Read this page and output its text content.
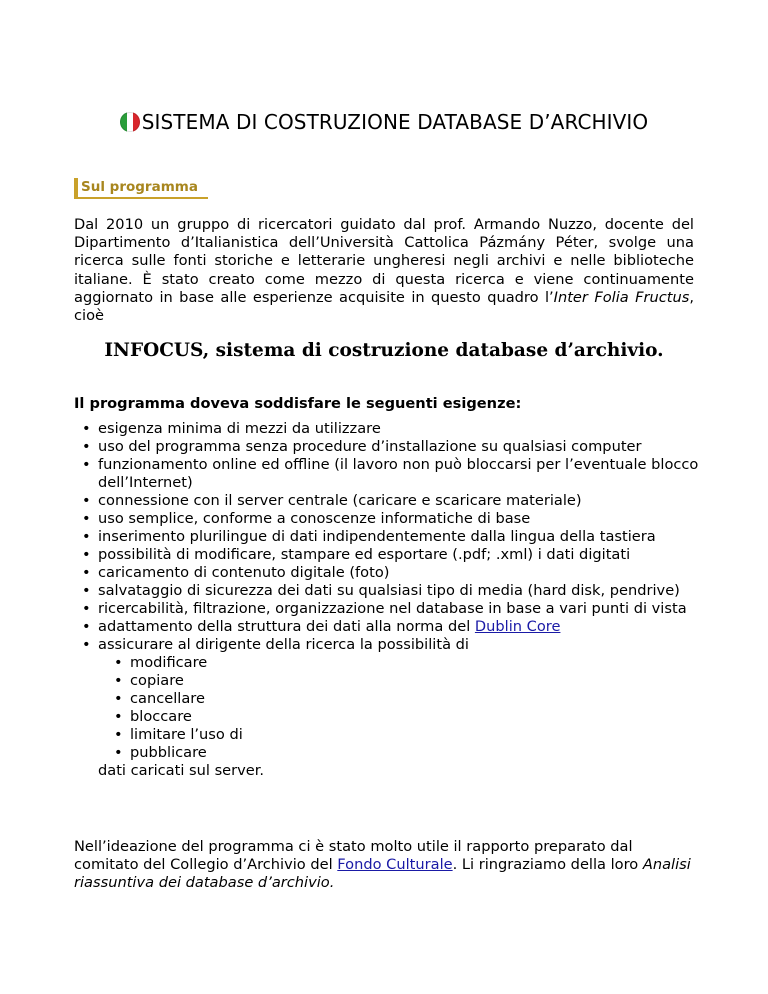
SISTEMA DI COSTRUZIONE DATABASE D’ARCHIVIO
Sul programma

Dal 2010 un gruppo di ricercatori guidato dal prof. Armando Nuzzo, docente del Dipartimento d’Italianistica dell’Università Cattolica Pázmány Péter, svolge una ricerca sulle fonti storiche e letterarie ungheresi negli archivi e nelle biblioteche italiane. È stato creato come mezzo di questa ricerca e viene continuamente aggiornato in base alle esperienze acquisite in questo quadro l’Inter Folia Fructus, cioè

INFOCUS, sistema di costruzione database d’archivio.
Il programma doveva soddisfare le seguenti esigenze:
• esigenza minima di mezzi da utilizzare
• uso del programma senza procedure d’installazione su qualsiasi computer
• funzionamento online ed offline (il lavoro non può bloccarsi per l’eventuale blocco dell’Internet)
• connessione con il server centrale (caricare e scaricare materiale)
• uso semplice, conforme a conoscenze informatiche di base
• inserimento plurilingue di dati indipendentemente dalla lingua della tastiera
• possibilità di modificare, stampare ed esportare (.pdf; .xml) i dati digitati
• caricamento di contenuto digitale (foto)
• salvataggio di sicurezza dei dati su qualsiasi tipo di media (hard disk, pendrive)
• ricercabilità, filtrazione, organizzazione nel database in base a vari punti di vista
• adattamento della struttura dei dati alla norma del Dublin Core
• assicurare al dirigente della ricerca la possibilità di
• modificare
• copiare
• cancellare
• bloccare
• limitare l’uso di
• pubblicare
dati caricati sul server.

Nell’ideazione del programma ci è stato molto utile il rapporto preparato dal comitato del Collegio d’Archivio del Fondo Culturale. Li ringraziamo della loro Analisi riassuntiva dei database d’archivio.
